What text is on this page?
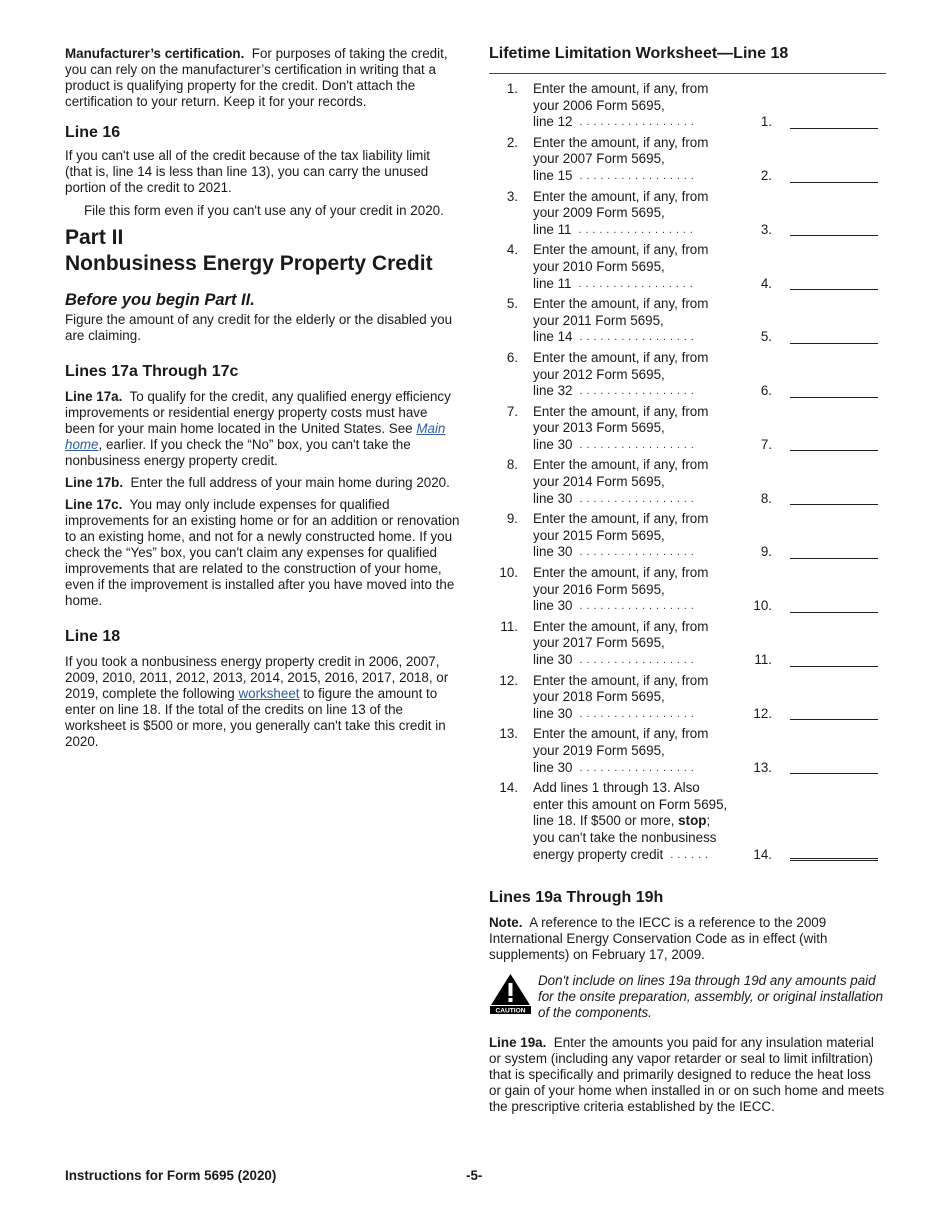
Manufacturer’s certification. For purposes of taking the credit, you can rely on the manufacturer’s certification in writing that a product is qualifying property for the credit. Don't attach the certification to your return. Keep it for your records.

Line 16

If you can't use all of the credit because of the tax liability limit (that is, line 14 is less than line 13), you can carry the unused portion of the credit to 2021.

File this form even if you can't use any of your credit in 2020.

Part II
Nonbusiness Energy Property Credit
Before you begin Part II.

Figure the amount of any credit for the elderly or the disabled you are claiming.

Lines 17a Through 17c

Line 17a. To qualify for the credit, any qualified energy efficiency improvements or residential energy property costs must have been for your main home located in the United States. See Main home, earlier. If you check the “No” box, you can't take the nonbusiness energy property credit.

Line 17b. Enter the full address of your main home during 2020.

Line 17c. You may only include expenses for qualified improvements for an existing home or for an addition or renovation to an existing home, and not for a newly constructed home. If you check the “Yes” box, you can't claim any expenses for qualified improvements that are related to the construction of your home, even if the improvement is installed after you have moved into the home.

Line 18

If you took a nonbusiness energy property credit in 2006, 2007, 2009, 2010, 2011, 2012, 2013, 2014, 2015, 2016, 2017, 2018, or 2019, complete the following worksheet to figure the amount to enter on line 18. If the total of the credits on line 13 of the worksheet is $500 or more, you generally can't take this credit in 2020.

Lifetime Limitation Worksheet—Line 18
1. Enter the amount, if any, from
your 2006 Form 5695,
line 12 .................	1.
2. Enter the amount, if any, from
your 2007 Form 5695,
line 15 .................	2.
3. Enter the amount, if any, from
your 2009 Form 5695,
line 11 .................	3.
4. Enter the amount, if any, from
your 2010 Form 5695,
line 11 .................	4.
5. Enter the amount, if any, from
your 2011 Form 5695,
line 14 .................	5.
6. Enter the amount, if any, from
your 2012 Form 5695,
line 32 .................	6.
7. Enter the amount, if any, from
your 2013 Form 5695,
line 30 .................	7.
8. Enter the amount, if any, from
your 2014 Form 5695,
line 30 .................	8.
9. Enter the amount, if any, from
your 2015 Form 5695,
line 30 .................	9.
10. Enter the amount, if any, from
your 2016 Form 5695,
line 30 .................	10.
11. Enter the amount, if any, from
your 2017 Form 5695,
line 30 .................	11.
12. Enter the amount, if any, from
your 2018 Form 5695,
line 30 .................	12.
13. Enter the amount, if any, from
your 2019 Form 5695,
line 30 .................	13.
14. Add lines 1 through 13. Also
enter this amount on Form 5695,
line 18. If $500 or more, stop;
you can't take the nonbusiness
energy property credit ......	14.
Lines 19a Through 19h

Note. A reference to the IECC is a reference to the 2009 International Energy Conservation Code as in effect (with supplements) on February 17, 2009.

CAUTION

Don't include on lines 19a through 19d any amounts paid for the onsite preparation, assembly, or original installation of the components.

Line 19a. Enter the amounts you paid for any insulation material or system (including any vapor retarder or seal to limit infiltration) that is specifically and primarily designed to reduce the heat loss or gain of your home when installed in or on such home and meets the prescriptive criteria established by the IECC.

Instructions for Form 5695 (2020)	-5-
